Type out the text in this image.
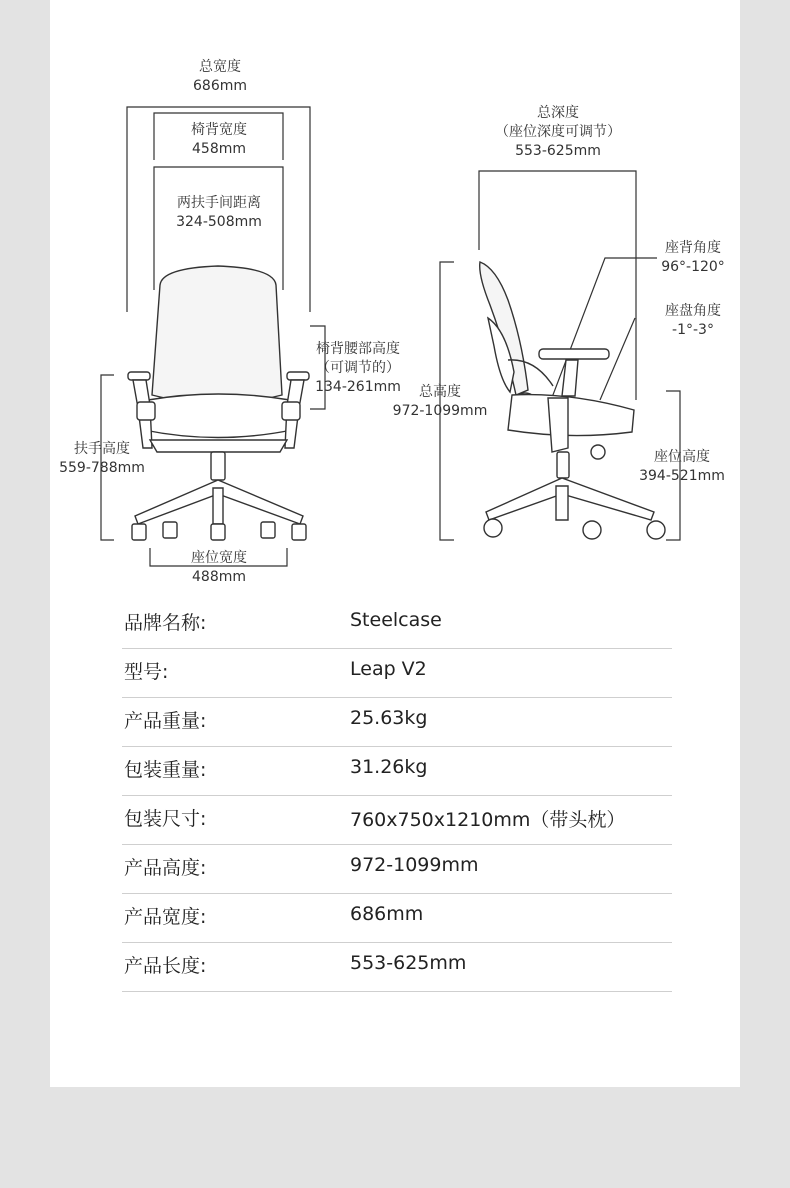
总宽度
686mm
椅背宽度
458mm
两扶手间距离
324-508mm
椅背腰部高度
（可调节的）
134-261mm
扶手高度
559-788mm
座位宽度
488mm
总深度
（座位深度可调节）
553-625mm
座背角度
96°-120°
座盘角度
-1°-3°
总高度
972-1099mm
座位高度
394-521mm
品牌名称:	Steelcase
型号:	Leap V2
产品重量:	25.63kg
包装重量:	31.26kg
包装尺寸:	760x750x1210mm（带头枕）
产品高度:	972-1099mm
产品宽度:	686mm
产品长度:	553-625mm
